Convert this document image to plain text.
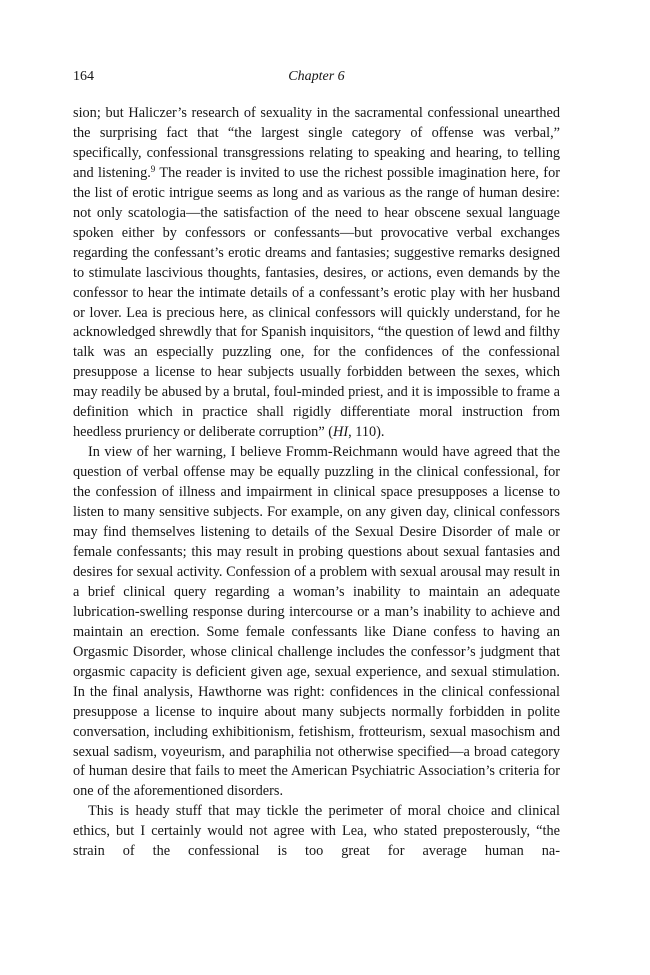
164	Chapter 6

sion; but Haliczer’s research of sexuality in the sacramental confessional unearthed the surprising fact that “the largest single category of offense was verbal,” specifically, confessional transgressions relating to speaking and hearing, to telling and listening.$^9$ The reader is invited to use the richest possible imagination here, for the list of erotic intrigue seems as long and as various as the range of human desire: not only scatologia—the satisfaction of the need to hear obscene sexual language spoken either by confessors or confessants—but provocative verbal exchanges regarding the confessant’s erotic dreams and fantasies; suggestive remarks designed to stimulate lascivious thoughts, fantasies, desires, or actions, even demands by the confessor to hear the intimate details of a confessant’s erotic play with her husband or lover. Lea is precious here, as clinical confessors will quickly understand, for he acknowledged shrewdly that for Spanish inquisitors, “the question of lewd and filthy talk was an especially puzzling one, for the confidences of the confessional presuppose a license to hear subjects usually forbidden between the sexes, which may readily be abused by a brutal, foul-minded priest, and it is impossible to frame a definition which in practice shall rigidly differentiate moral instruction from heedless pruriency or deliberate corruption” (HI, 110).

In view of her warning, I believe Fromm-Reichmann would have agreed that the question of verbal offense may be equally puzzling in the clinical confessional, for the confession of illness and impairment in clinical space presupposes a license to listen to many sensitive subjects. For example, on any given day, clinical confessors may find themselves listening to details of the Sexual Desire Disorder of male or female confessants; this may result in probing questions about sexual fantasies and desires for sexual activity. Confession of a problem with sexual arousal may result in a brief clinical query regarding a woman’s inability to maintain an adequate lubrication-swelling response during intercourse or a man’s inability to achieve and maintain an erection. Some female confessants like Diane confess to having an Orgasmic Disorder, whose clinical challenge includes the confessor’s judgment that orgasmic capacity is deficient given age, sexual experience, and sexual stimulation. In the final analysis, Hawthorne was right: confidences in the clinical confessional presuppose a license to inquire about many subjects normally forbidden in polite conversation, including exhibitionism, fetishism, frotteurism, sexual masochism and sexual sadism, voyeurism, and paraphilia not otherwise specified—a broad category of human desire that fails to meet the American Psychiatric Association’s criteria for one of the aforementioned disorders.

This is heady stuff that may tickle the perimeter of moral choice and clinical ethics, but I certainly would not agree with Lea, who stated preposterously, “the strain of the confessional is too great for average human na-
